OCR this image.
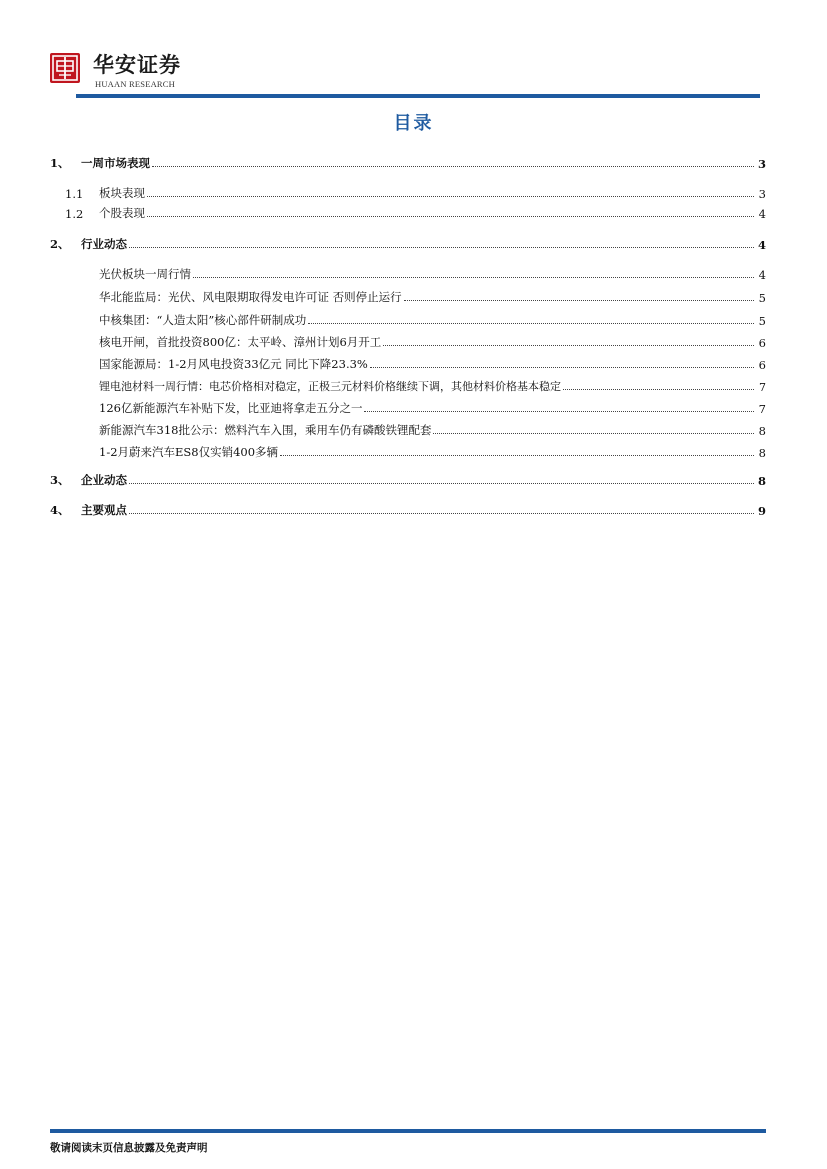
华安证券
HUAAN RESEARCH
目录
1、 一周市场表现	3
1.1	板块表现	3
1.2	个股表现	4
2、 行业动态	4
光伏板块一周行情	4
华北能监局：光伏、风电限期取得发电许可证 否则停止运行	5
中核集团：“人造太阳”核心部件研制成功	5
核电开闸，首批投资800亿：太平岭、漳州计划6月开工	6
国家能源局：1-2月风电投资33亿元 同比下降23.3%	6
锂电池材料一周行情：电芯价格相对稳定，正极三元材料价格继续下调，其他材料价格基本稳定	7
126亿新能源汽车补贴下发，比亚迪将拿走五分之一	7
新能源汽车318批公示：燃料汽车入围，乘用车仍有磷酸铁锂配套	8
1-2月蔚来汽车ES8仅实销400多辆	8
3、 企业动态	8
4、 主要观点	9
敬请阅读末页信息披露及免责声明
